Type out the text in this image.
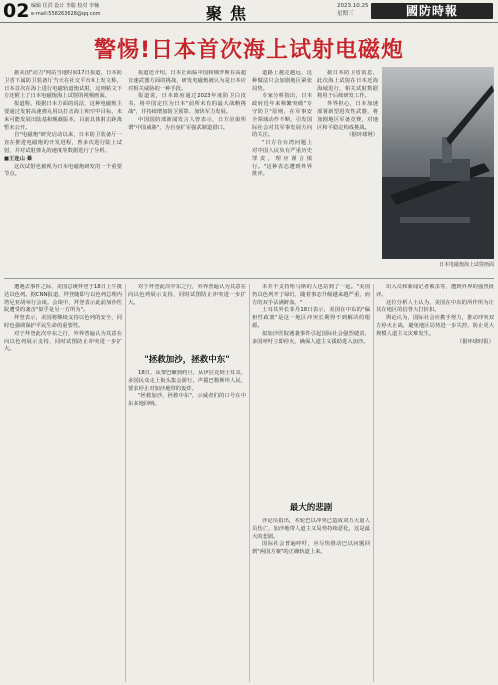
02 编辑 任洪 设计 李聪 校对 李楠
e-mail:558263628@qq.com	聚焦	2023.10.25
星期三	國防時報
警惕!日本首次海上试射电磁炮

据美国"动力"网站当地时间17日报道，日本防卫省下属防卫装备厅当天在社交平台X上发文称，日本首次在海上进行电磁轨道炮试射，这则帖文下方还附上了日本电磁炮海上试射的视频画面。

报道称，根据日本方面的说法，这种电磁炮主要通过发射高速弹丸用以打击海上和空中目标，未来可能发展出陆基和舰载版本，目前具体射击距离暂未公开。

自"电磁炮"研究启动以来，日本防卫装备厅一直在推进电磁炮的开发进程，曾多次进行陆上试射，并对试射弹丸的速度等数据进行了分析。

■王连山 綦

这次试射也被视为日本电磁炮研发的一个重要节点。

报道还介绍，日本正面临中国和俄罗斯在高超音速武器方面的挑战，研发电磁炮被认为是日本应对相关威胁的一种手段。

报道说，日本政府通过2023年度防卫白皮书，将中国定位为日本"前所未有的最大战略挑战"，并持续增加防卫预算、加快军力发展。

中国国防部新闻发言人曾表示，日方渲染所谓"中国威胁"，为自身扩军强武制造借口。

道路上越走越远，这种做法只会加剧地区紧张局势。

专家分析指出，日本政府近年来频繁突破"专守防卫"原则，在军事安全领域动作不断，引发国际社会对其军事发展方向的关注。

"日方在台湾问题上对中国人民负有严重历史罪责，理应谨言慎行。"这种表态遭到外界批评。

据日本防卫省消息，此次海上试射在日本近海海域进行，相关试射数据将用于后续研发工作。

外界担心，日本加速部署新型进攻性武器，将加剧地区军备竞赛，对地区和平稳定构成挑战。

（据环球网）

日本电磁炮海上试射画面

遭遇去事件之际，美国总统拜登于18日上午抵达以色列。据CNN报道，拜登随即与以色列总理内塔尼亚胡举行会谈。会谈中，拜登表示此前加沙医院遭受的袭击"似乎是另一方所为"。

拜登表示，美国将继续支持以色列的安全，同时也强调保护平民生命的重要性。

对于拜登此次中东之行，外界普遍认为其意在向以色列展示支持，同时试图防止冲突进一步扩大。

对于拜登此次中东之行，外界普遍认为其意在向以色列展示支持，同时试图防止冲突进一步扩大。

"拯救加沙，拯救中东"

18日，从黎巴嫩到约旦，从伊拉克到土耳其，多国民众走上街头集会游行，声援巴勒斯坦人民，要求停止对加沙地带的轰炸。

"拯救加沙，拯救中东"，示威者们的口号在中东多地回响。

本并不支持哈马斯的人也站到了一起。"美国仍以色列开了绿灯，随着事态升级越来越严重，而方的双手沾满鲜血。"

土耳其外长菲丹18日表示，美国在中东的"偏袒性政策"是这一地区冲突长期得不到解决的根源。

拟加沙医院遇袭事件引起国际社会强烈谴责，多国呼吁立即停火，确保人道主义援助进入加沙。

最大的悲剧

评论员指出，本轮巴以冲突已造成双方大量人员伤亡，加沙地带人道主义局势持续恶化，这是最大的悲剧。

国际社会普遍呼吁，应尽快推动巴以问题回到"两国方案"的正确轨道上来。

出入员和新闻记者被杀等，遭到外界的强烈批评。

这位分析人士认为，美国在中东的所作所为让其在地区的信誉大打折扣。

舆论认为，国际社会应携手努力，推动冲突双方停火止战，避免地区局势进一步失控，防止更大规模人道主义灾难发生。

（据环球时报）
